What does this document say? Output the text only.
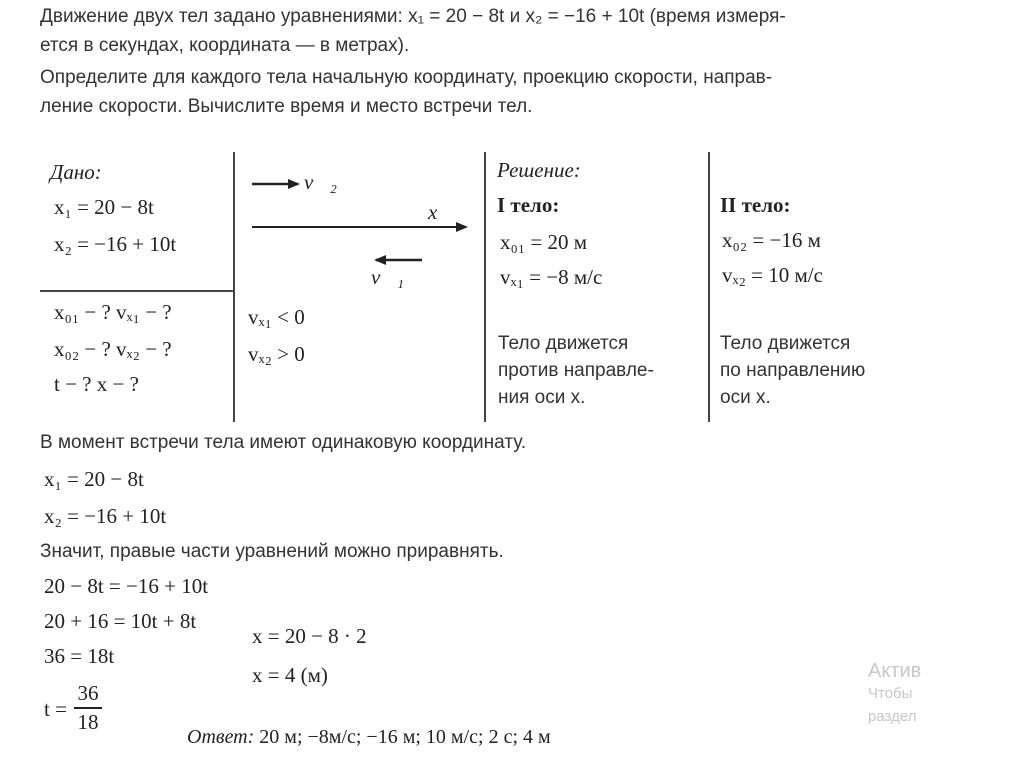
Движение двух тел задано уравнениями: x₁ = 20 − 8t и x₂ = −16 + 10t (время измеря-
ется в секундах, координата — в метрах).
Определите для каждого тела начальную координату, проекцию скорости, направ-
ление скорости. Вычислите время и место встречи тел.
Дано:
x₁ = 20 − 8t
x₂ = −16 + 10t
x₀₁ − ? vₓ₁ − ?
x₀₂ − ? vₓ₂ − ?
t − ? x − ?
v⃗₂
x
v⃗₁
vₓ₁ < 0
vₓ₂ > 0
Решение:
I тело:
x₀₁ = 20 м
vₓ₁ = −8 м/с
Тело движется
против направле-
ния оси x.
II тело:
x₀₂ = −16 м
vₓ₂ = 10 м/с
Тело движется
по направлению
оси x.
В момент встречи тела имеют одинаковую координату.
x₁ = 20 − 8t
x₂ = −16 + 10t
Значит, правые части уравнений можно приравнять.
20 − 8t = −16 + 10t
20 + 16 = 10t + 8t
36 = 18t
t =
36
18
x = 20 − 8 · 2
x = 4 (м)
Ответ: 20 м; −8м/с; −16 м; 10 м/с; 2 с; 4 м
Актив
Чтобы
раздел
